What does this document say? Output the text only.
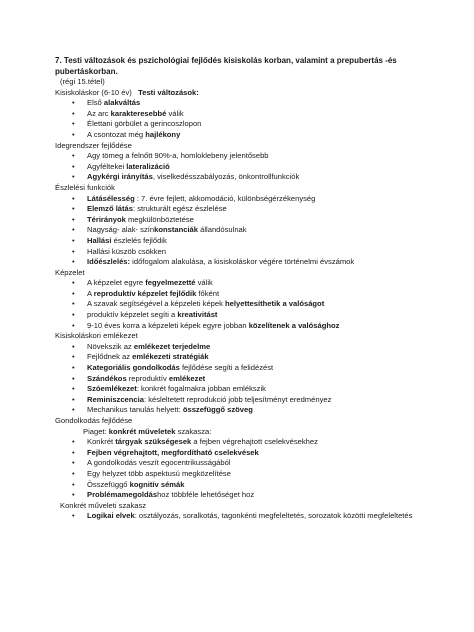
7. Testi változások és pszichológiai fejlődés kisiskolás korban, valamint a prepubertás -és pubertáskorban.
(régi 15.tétel)
Kisiskoláskor (6-10 év) Testi változások:
• Első alakváltás
• Az arc karakteresebbé válik
• Élettani görbület a gerincoszlopon
• A csontozat még hajlékony
Idegrendszer fejlődése
• Agy tömeg a felnőtt 90%-a, homloklebeny jelentősebb
• Agyféltekei lateralizáció
• Agykérgi irányítás, viselkedésszabályozás, önkontrollfunkciók
Észlelési funkciók
• Látásélesség : 7. évre fejlett, akkomodáció, különbségérzékenység
• Elemző látás: strukturált egész észlelése
• Térirányok megkülönböztetése
• Nagyság- alak- színkonstanciák állandósulnak
• Hallási észlelés fejlődik
• Hallási küszöb csökken
• Időészlelés: időfogalom alakulása, a kisiskoláskor végére történelmi évszámok
Képzelet
• A képzelet egyre fegyelmezetté válik
• A reproduktív képzelet fejlődik főként
• A szavak segítségével a képzeleti képek helyettesíthetik a valóságot
• produktív képzelet segíti a kreativitást
• 9-10 éves korra a képzeleti képek egyre jobban közelítenek a valósághoz
Kisiskoláskori emlékezet
• Növekszik az emlékezet terjedelme
• Fejlődnek az emlékezeti stratégiák
• Kategoriális gondolkodás fejlődése segíti a felidézést
• Szándékos reproduktív emlékezet
• Szóemlékezet: konkrét fogalmakra jobban emlékszik
• Reminiszcencia: késleltetett reprodukció jobb teljesítményt eredményez
• Mechanikus tanulás helyett: összefüggő szöveg
Gondolkodás fejlődése
Piaget: konkrét műveletek szakasza:
• Konkrét tárgyak szükségesek a fejben végrehajtott cselekvésekhez
• Fejben végrehajtott, megfordítható cselekvések
• A gondolkodás veszít egocentrikusságából
• Egy helyzet több aspektusú megközelítése
• Összefüggő kognitív sémák
• Problémamegoldáshoz többféle lehetőséget hoz
Konkrét műveleti szakasz
• Logikai elvek: osztályozás, soralkotás, tagonkénti megfeleltetés, sorozatok közötti megfeleltetés
